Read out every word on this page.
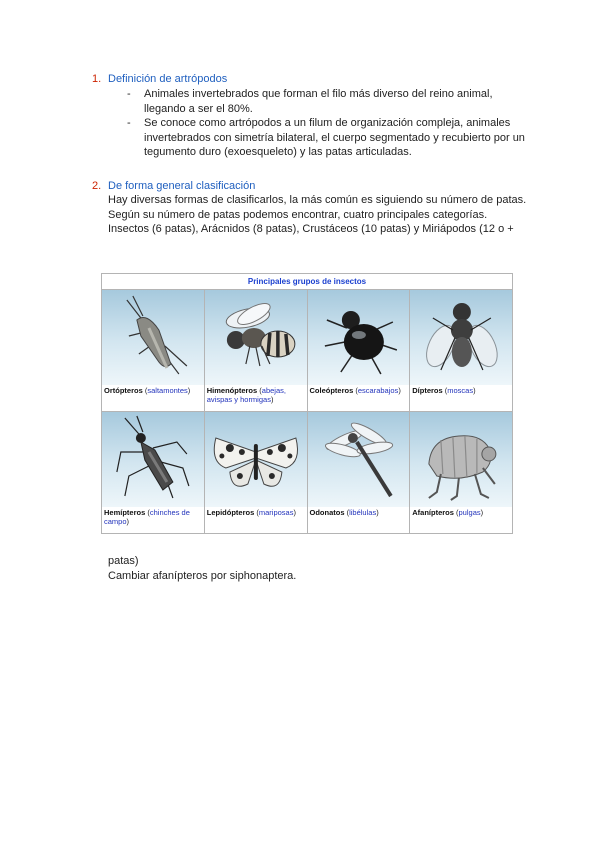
1. Definición de artrópodos
- Animales invertebrados que forman el filo más diverso del reino animal, llegando a ser el 80%.
- Se conoce como artrópodos a un filum de organización compleja, animales invertebrados con simetría bilateral, el cuerpo segmentado y recubierto por un tegumento duro (exoesqueleto) y las patas articuladas.
2. De forma general clasificación

Hay diversas formas de clasificarlos, la más común es siguiendo su número de patas.

Según su número de patas podemos encontrar, cuatro principales categorías.

Insectos (6 patas), Arácnidos (8 patas), Crustáceos (10 patas) y Miriápodos (12 o +

Principales grupos de insectos			

Ortópteros (saltamontes)	Himenópteros (abejas, avispas y hormigas)	Coleópteros (escarabajos)	Dípteros (moscas)

Hemípteros (chinches de campo)	Lepidópteros (mariposas)	Odonatos (libélulas)	Afanípteros (pulgas)

patas)

Cambiar afanípteros por siphonaptera.
